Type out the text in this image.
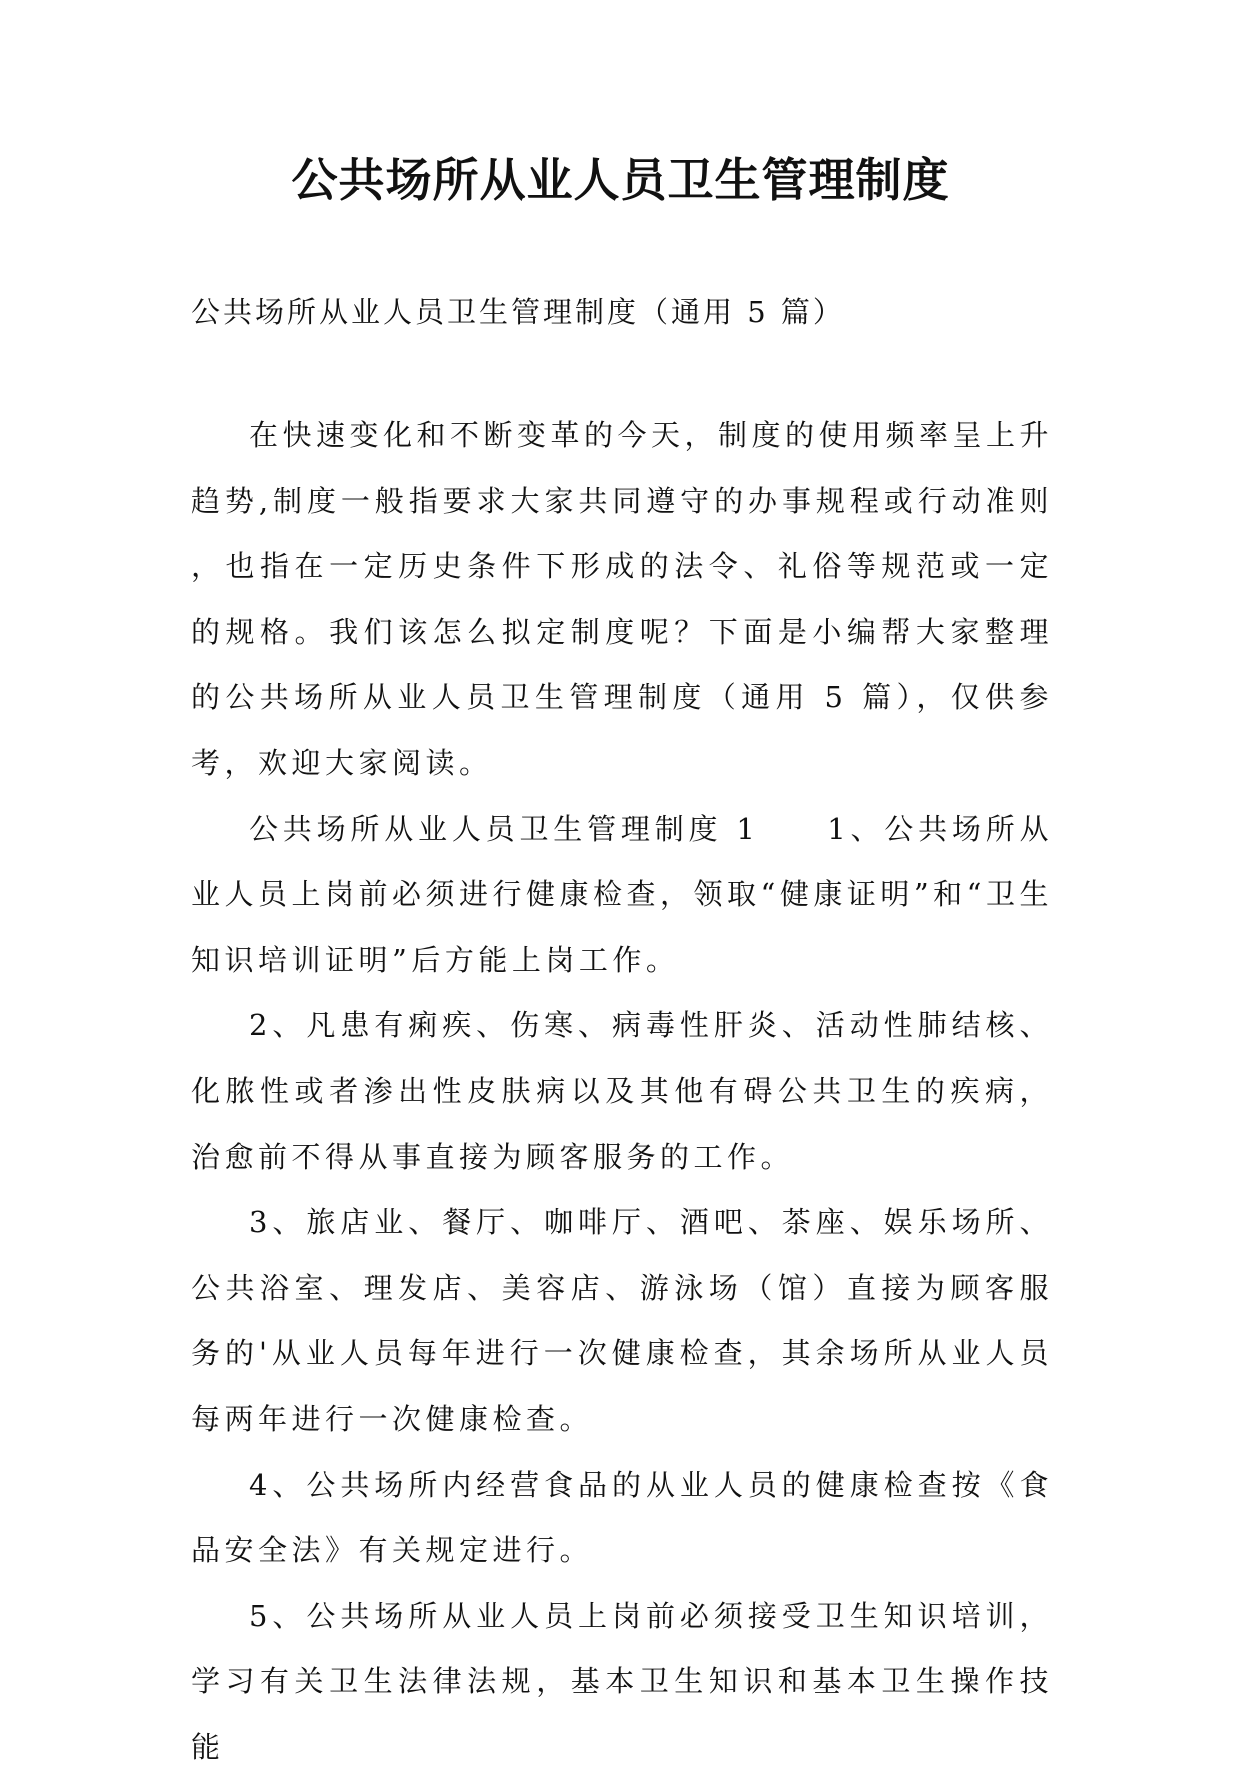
公共场所从业人员卫生管理制度

公共场所从业人员卫生管理制度（通用 5 篇）

在快速变化和不断变革的今天，制度的使用频率呈上升趋势,制度一般指要求大家共同遵守的办事规程或行动准则，也指在一定历史条件下形成的法令、礼俗等规范或一定的规格。我们该怎么拟定制度呢？下面是小编帮大家整理的公共场所从业人员卫生管理制度（通用 5 篇），仅供参考，欢迎大家阅读。

公共场所从业人员卫生管理制度 1　　1、公共场所从业人员上岗前必须进行健康检查，领取“健康证明”和“卫生知识培训证明”后方能上岗工作。

2、凡患有痢疾、伤寒、病毒性肝炎、活动性肺结核、化脓性或者渗出性皮肤病以及其他有碍公共卫生的疾病，治愈前不得从事直接为顾客服务的工作。

3、旅店业、餐厅、咖啡厅、酒吧、茶座、娱乐场所、公共浴室、理发店、美容店、游泳场（馆）直接为顾客服务的'从业人员每年进行一次健康检查，其余场所从业人员每两年进行一次健康检查。

4、公共场所内经营食品的从业人员的健康检查按《食品安全法》有关规定进行。

5、公共场所从业人员上岗前必须接受卫生知识培训，学习有关卫生法律法规，基本卫生知识和基本卫生操作技能
